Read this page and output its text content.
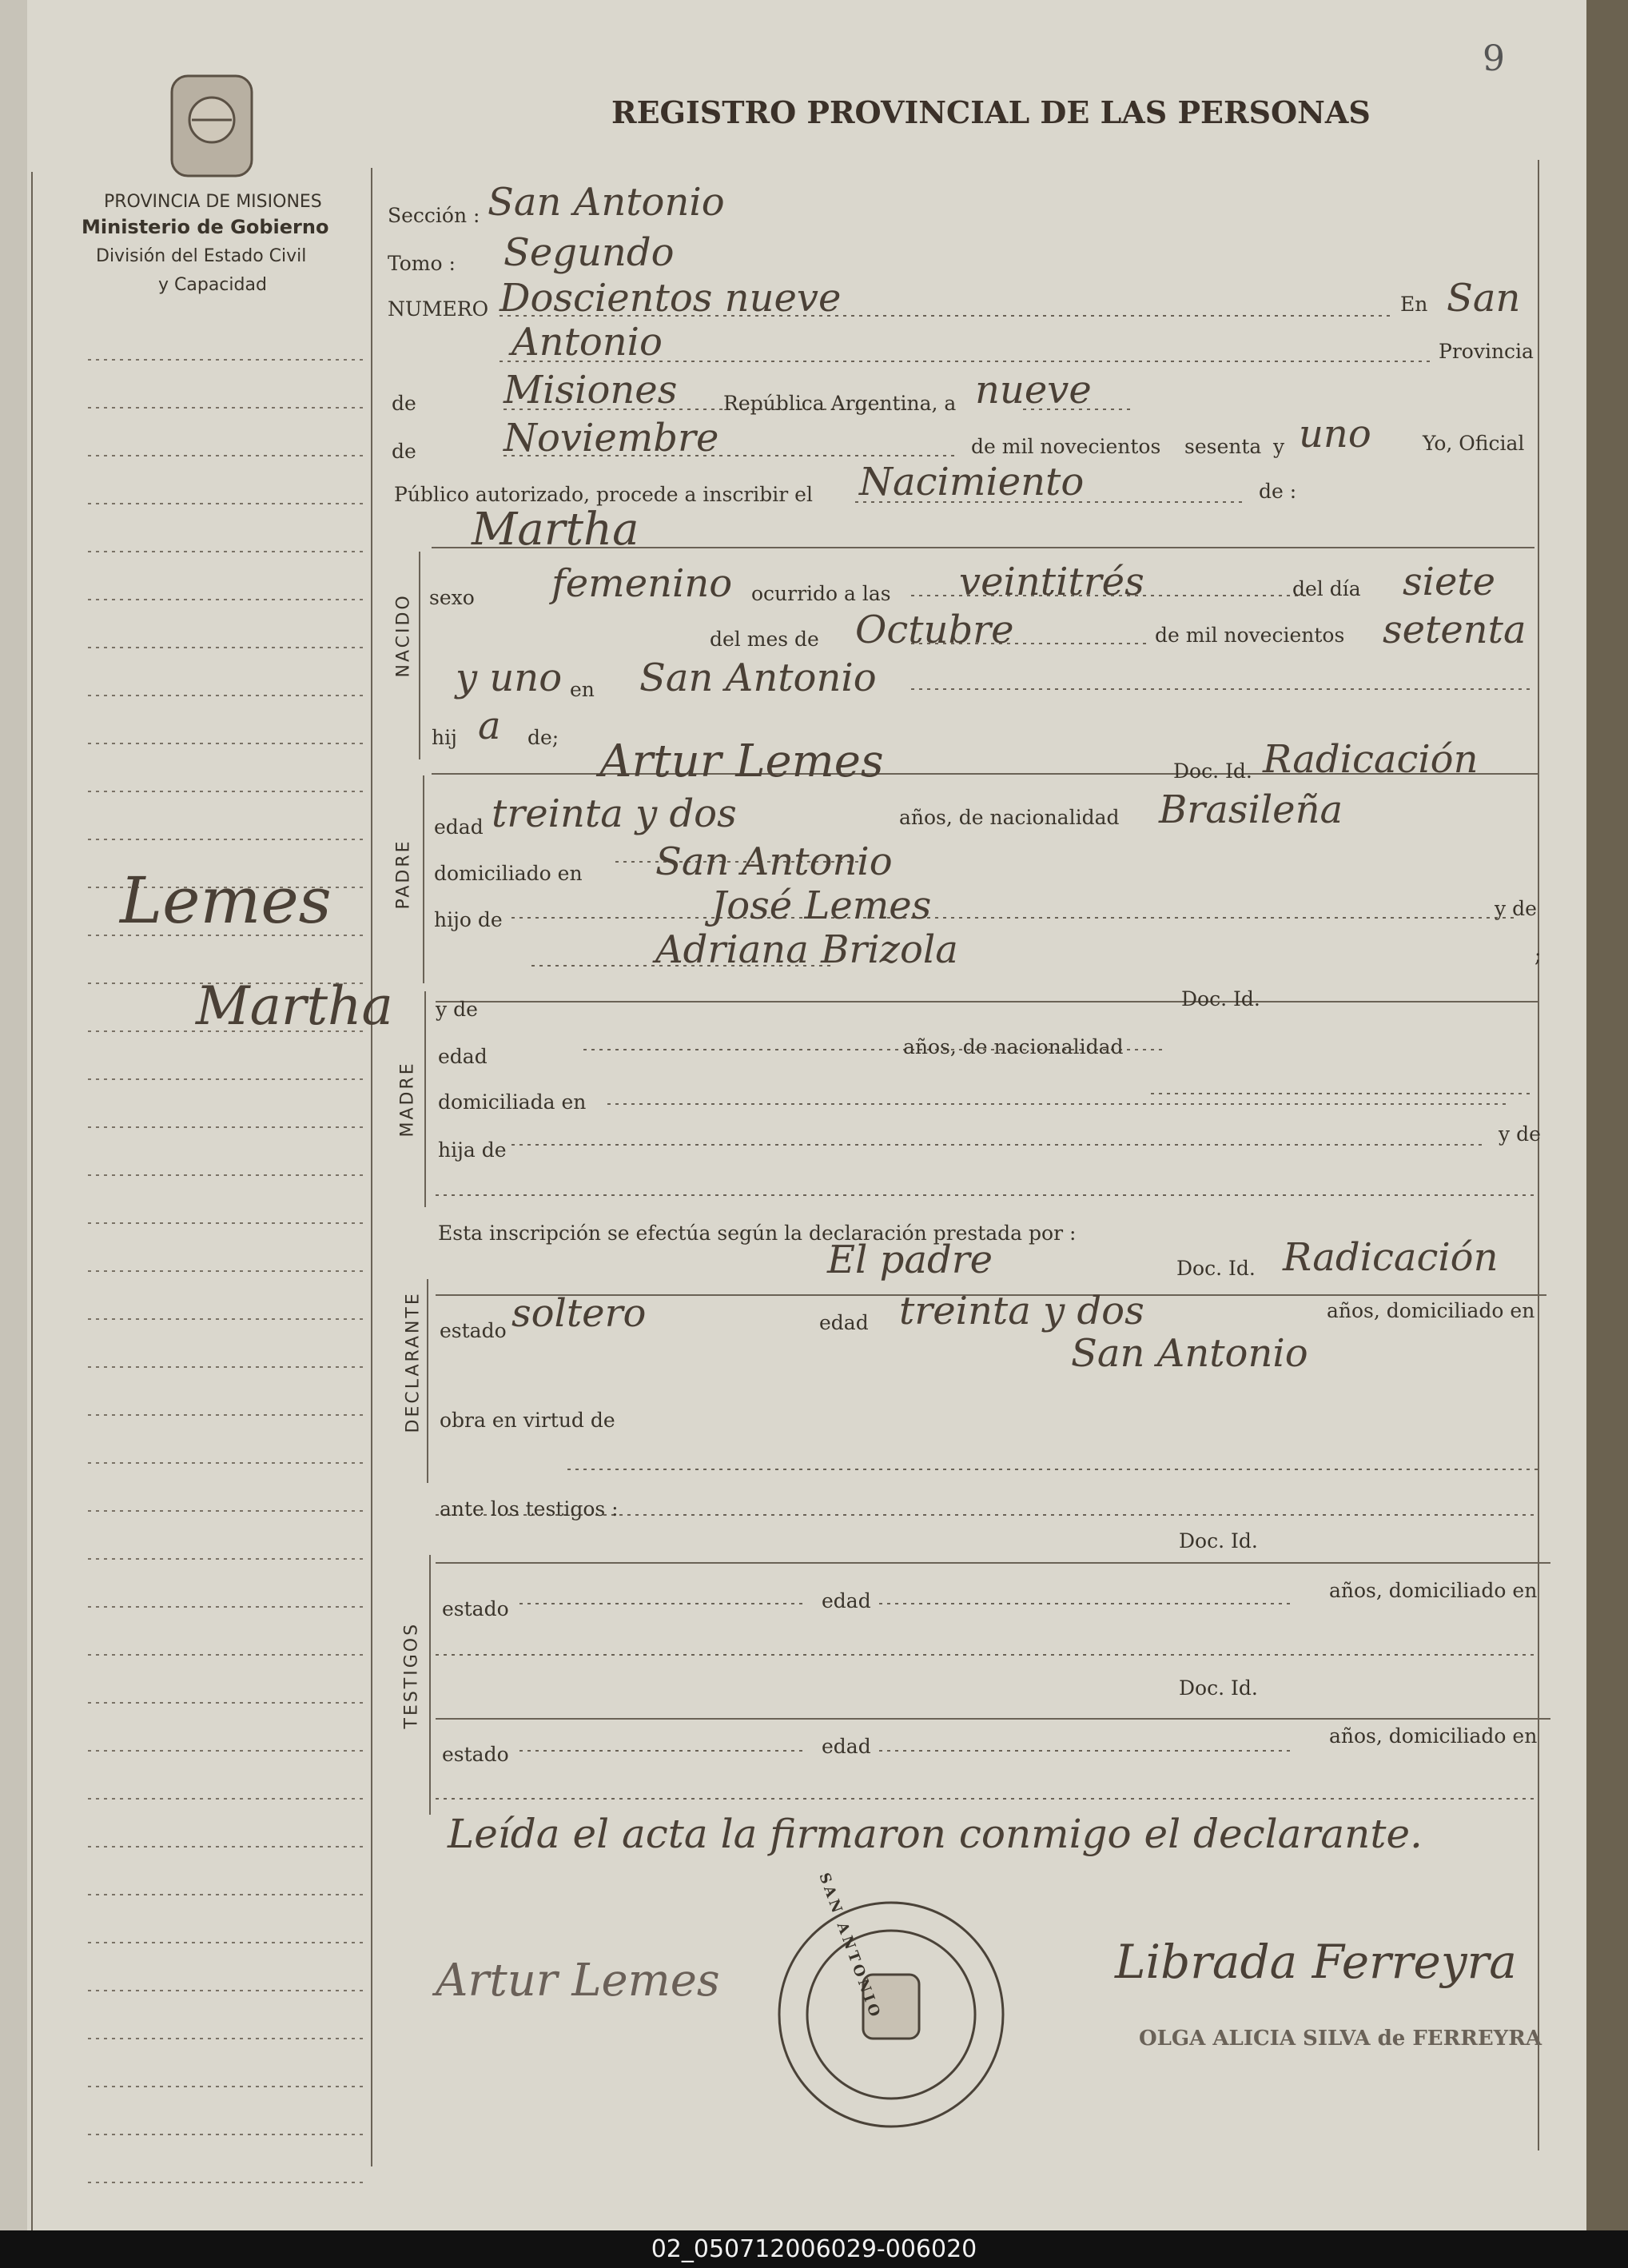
9
REGISTRO PROVINCIAL DE LAS PERSONAS
PROVINCIA DE MISIONES
Ministerio de Gobierno
División del Estado Civil
y Capacidad
Lemes
Martha
Sección : San Antonio
Tomo : Segundo
NUMERO Doscientos nueve	En San
Antonio	Provincia
de Misiones República Argentina, a nueve
de Noviembre	de mil novecientos sesenta y uno	Yo, Oficial
Público autorizado, procede a inscribir el Nacimiento	de :
NACIDO
Martha
sexo femenino ocurrido a las veintitrés	del día siete
del mes de Octubre	de mil novecientos setenta
y uno en San Antonio
hij a de;
PADRE
Artur Lemes	Doc. Id. Radicación
edad treinta y dos	años, de nacionalidad Brasileña
domiciliado en San Antonio
hijo de	José Lemes	y de
Adriana Brizola	;
MADRE
y de	Doc. Id.
edad	años, de nacionalidad
domiciliada en
hija de
y de
Esta inscripción se efectúa según la declaración prestada por :
DECLARANTE
El padre	Doc. Id. Radicación
estado soltero	edad treinta y dos	años, domiciliado en
San Antonio
obra en virtud de
ante los testigos :
TESTIGOS
Doc. Id.
estado	edad	años, domiciliado en
Doc. Id.
estado	edad	años, domiciliado en
Leída el acta la firmaron conmigo el declarante.
Artur Lemes	Librada Ferreyra
OLGA ALICIA SILVA de FERREYRA
SAN ANTONIO
02_050712006029-006020
